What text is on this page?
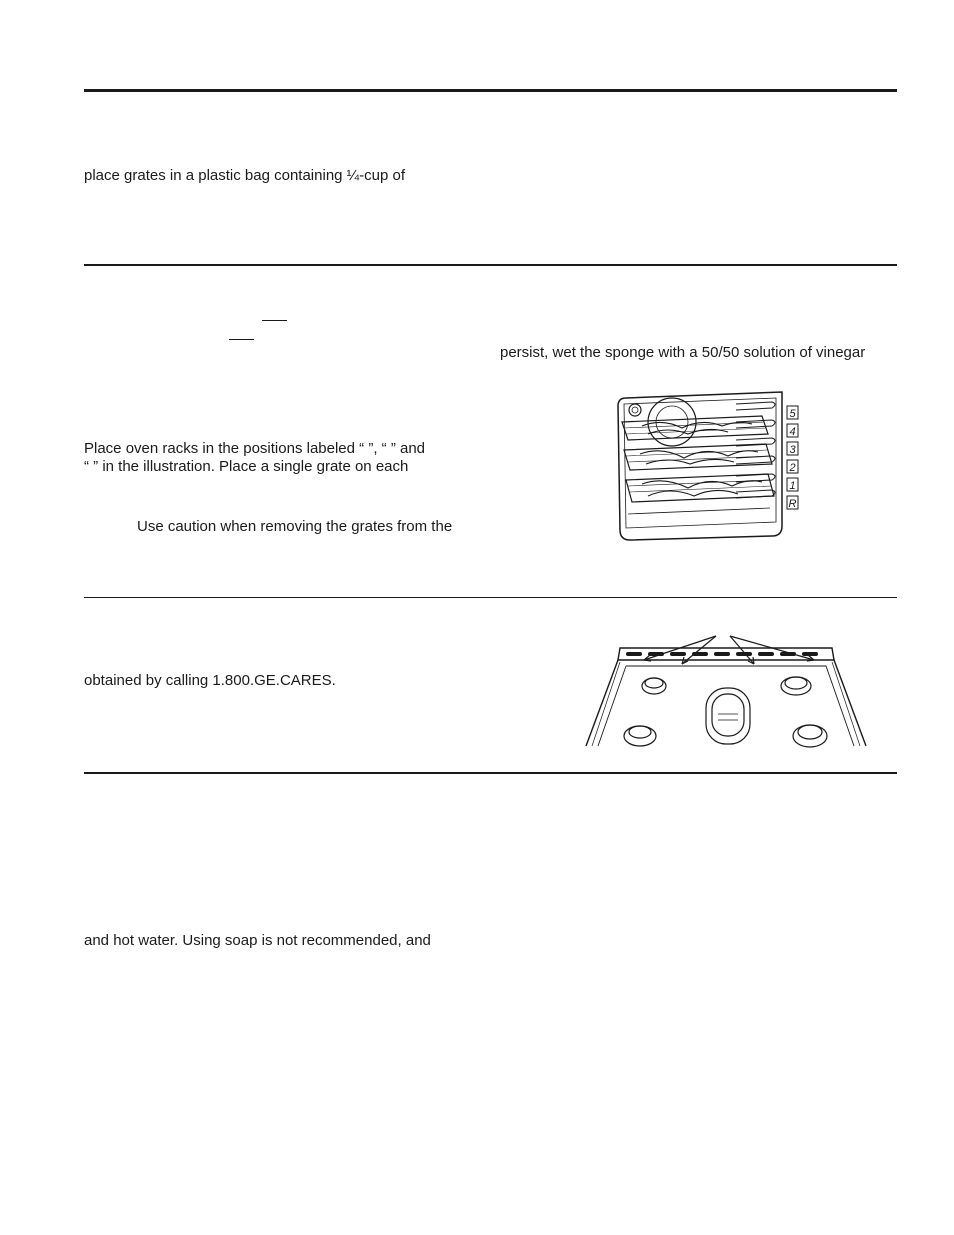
place grates in a plastic bag containing ¼-cup of
persist, wet the sponge with a 50/50 solution of vinegar
Place oven racks in the positions labeled “ ”, “ ” and
“ ” in the illustration. Place a single grate on each
Use caution when removing the grates from the
5
4
3
2
1
R
obtained by calling 1.800.GE.CARES.
and hot water. Using soap is not recommended, and
